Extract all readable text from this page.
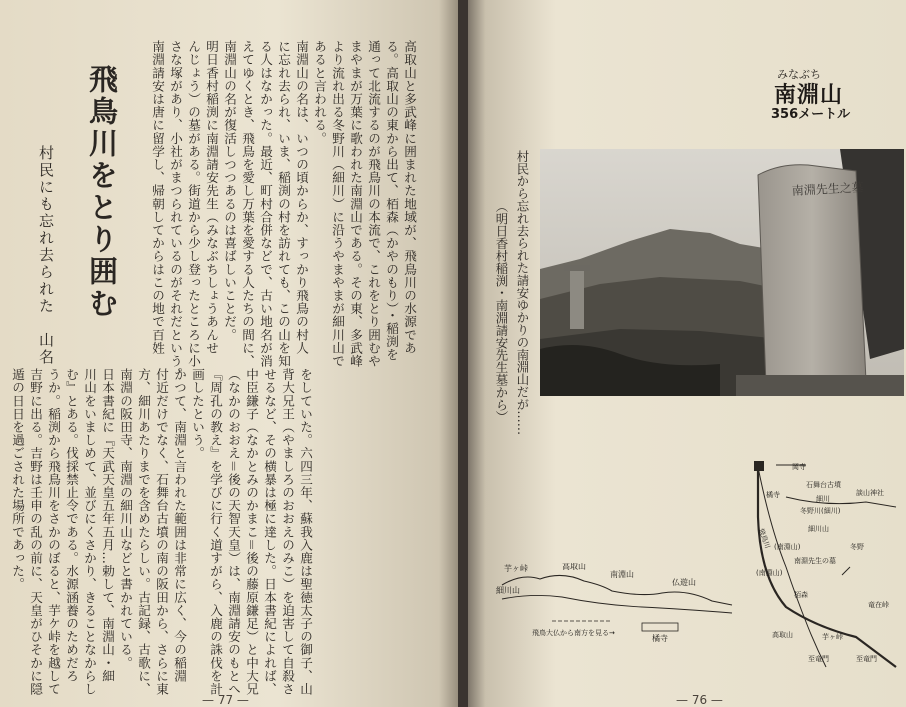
高取山と多武峰に囲まれた地域が、飛鳥川の水源であ
る。高取山の東から出て、栢森（かやのもり）・稲渕を
通って北流するのが飛鳥川の本流で、これをとり囲むや
まやまが万葉に歌われた南淵山である。その東、多武峰
より流れ出る冬野川（細川）に沿うやまやまが細川山で
あると言われる。
南淵山の名は、いつの頃からか、すっかり飛鳥の村人
に忘れ去られ、いま、稲渕の村を訪れても、この山を知
る人はなかった。最近、町村合併などで、古い地名が消
えてゆくとき、飛鳥を愛し万葉を愛する人たちの間に、
南淵山の名が復活しつつあるのは喜ばしいことだ。
明日香村稲渕に南淵請安先生（みなぶちしょうあんせ
んじょう）の墓がある。街道から少し登ったところに小
さな塚があり、小社がまつられているのがそれだという。
南淵請安は唐に留学し、帰朝してからはこの地で百姓
をしていた。六四三年、蘇我入鹿は聖徳太子の御子、山
背大兄王（やましろのおおえのみこ）を迫害して自殺さ
せるなど、その横暴は極に達した。日本書紀によれば、
中臣鎌子（なかとみのかまこ＝後の藤原鎌足）と中大兄
（なかのおおえ＝後の天智天皇）は、南淵請安のもとへ
『周孔の教え』を学びに行く道すがら、入鹿の誅伐を計
画したという。
かつて、南淵と言われた範囲は非常に広く、今の稲淵
付近だけでなく、石舞台古墳の南の阪田から、さらに東
方、細川あたりまでを含めたらしい。古記録、古歌に、
南淵の阪田寺、南淵の細川山などと書かれている。
日本書紀に『天武天皇五年五月…勅して、南淵山・細
川山をいましめて、並びにくさかり、きることなからし
む』とある。伐採禁止令である。水源涵養のためだろ
うか。稲渕から飛鳥川をさかのぼると、芋ケ峠を越して
吉野に出る。吉野は壬申の乱の前に、天皇がひそかに隠
遁の日日を過ごされた場所であった。
飛鳥川をとり囲む
村民にも忘れ去られた　山名
— 77 —
みなぶち
南淵山
356メートル
村民から忘れ去られた請安ゆかりの南淵山だが……
（明日香村稲渕・南淵請安先生墓から）
南淵先生之墓
芋ヶ峠	高取山
南淵山
仏遊山
細川山
飛鳥大仏から南方を見る→
橘寺
岡寺
石舞台古墳
談山神社
細川
冬野川(細川)
飛鳥川	細川山
(南淵山)	冬野
南淵先生の墓
(南淵山)
栢森
高取山	芋ヶ峠
至竜門	至竜門
竜在峠
橘寺
— 76 —
